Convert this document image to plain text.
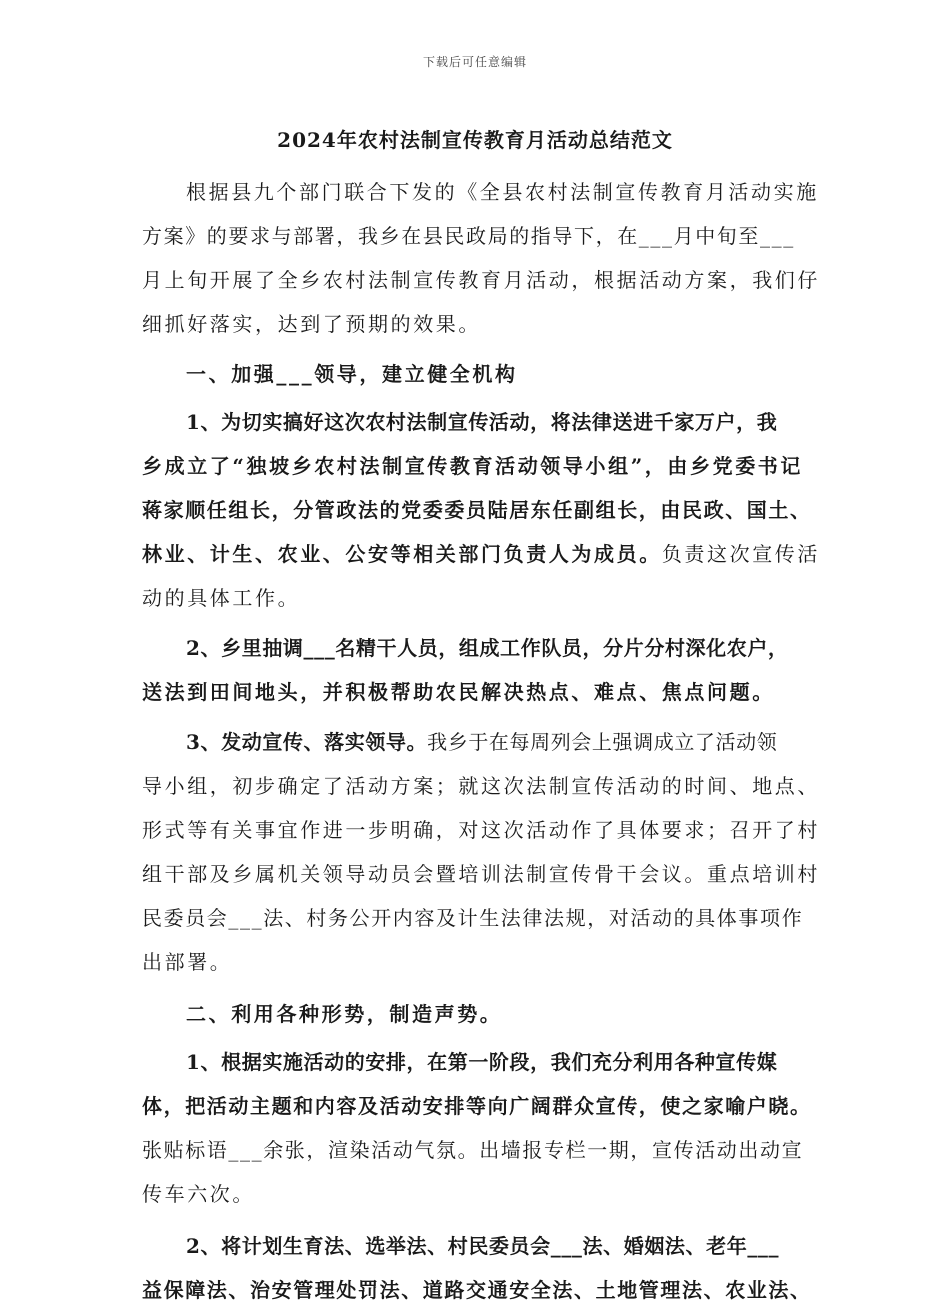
下载后可任意编辑
2024年农村法制宣传教育月活动总结范文
根据县九个部门联合下发的《全县农村法制宣传教育月活动实施
方案》的要求与部署，我乡在县民政局的指导下，在___月中旬至___
月上旬开展了全乡农村法制宣传教育月活动，根据活动方案，我们仔
细抓好落实，达到了预期的效果。
一、加强___领导，建立健全机构
1、为切实搞好这次农村法制宣传活动，将法律送进千家万户，我
乡成立了“独坡乡农村法制宣传教育活动领导小组”，由乡党委书记
蒋家顺任组长，分管政法的党委委员陆居东任副组长，由民政、国土、
林业、计生、农业、公安等相关部门负责人为成员。负责这次宣传活
动的具体工作。
2、乡里抽调___名精干人员，组成工作队员，分片分村深化农户，
送法到田间地头，并积极帮助农民解决热点、难点、焦点问题。
3、发动宣传、落实领导。我乡于在每周列会上强调成立了活动领
导小组，初步确定了活动方案；就这次法制宣传活动的时间、地点、
形式等有关事宜作进一步明确，对这次活动作了具体要求；召开了村
组干部及乡属机关领导动员会暨培训法制宣传骨干会议。重点培训村
民委员会___法、村务公开内容及计生法律法规，对活动的具体事项作
出部署。
二、利用各种形势，制造声势。
1、根据实施活动的安排，在第一阶段，我们充分利用各种宣传媒
体，把活动主题和内容及活动安排等向广阔群众宣传，使之家喻户晓。
张贴标语___余张，渲染活动气氛。出墙报专栏一期，宣传活动出动宣
传车六次。
2、将计划生育法、选举法、村民委员会___法、婚姻法、老年___
益保障法、治安管理处罚法、道路交通安全法、土地管理法、农业法、
